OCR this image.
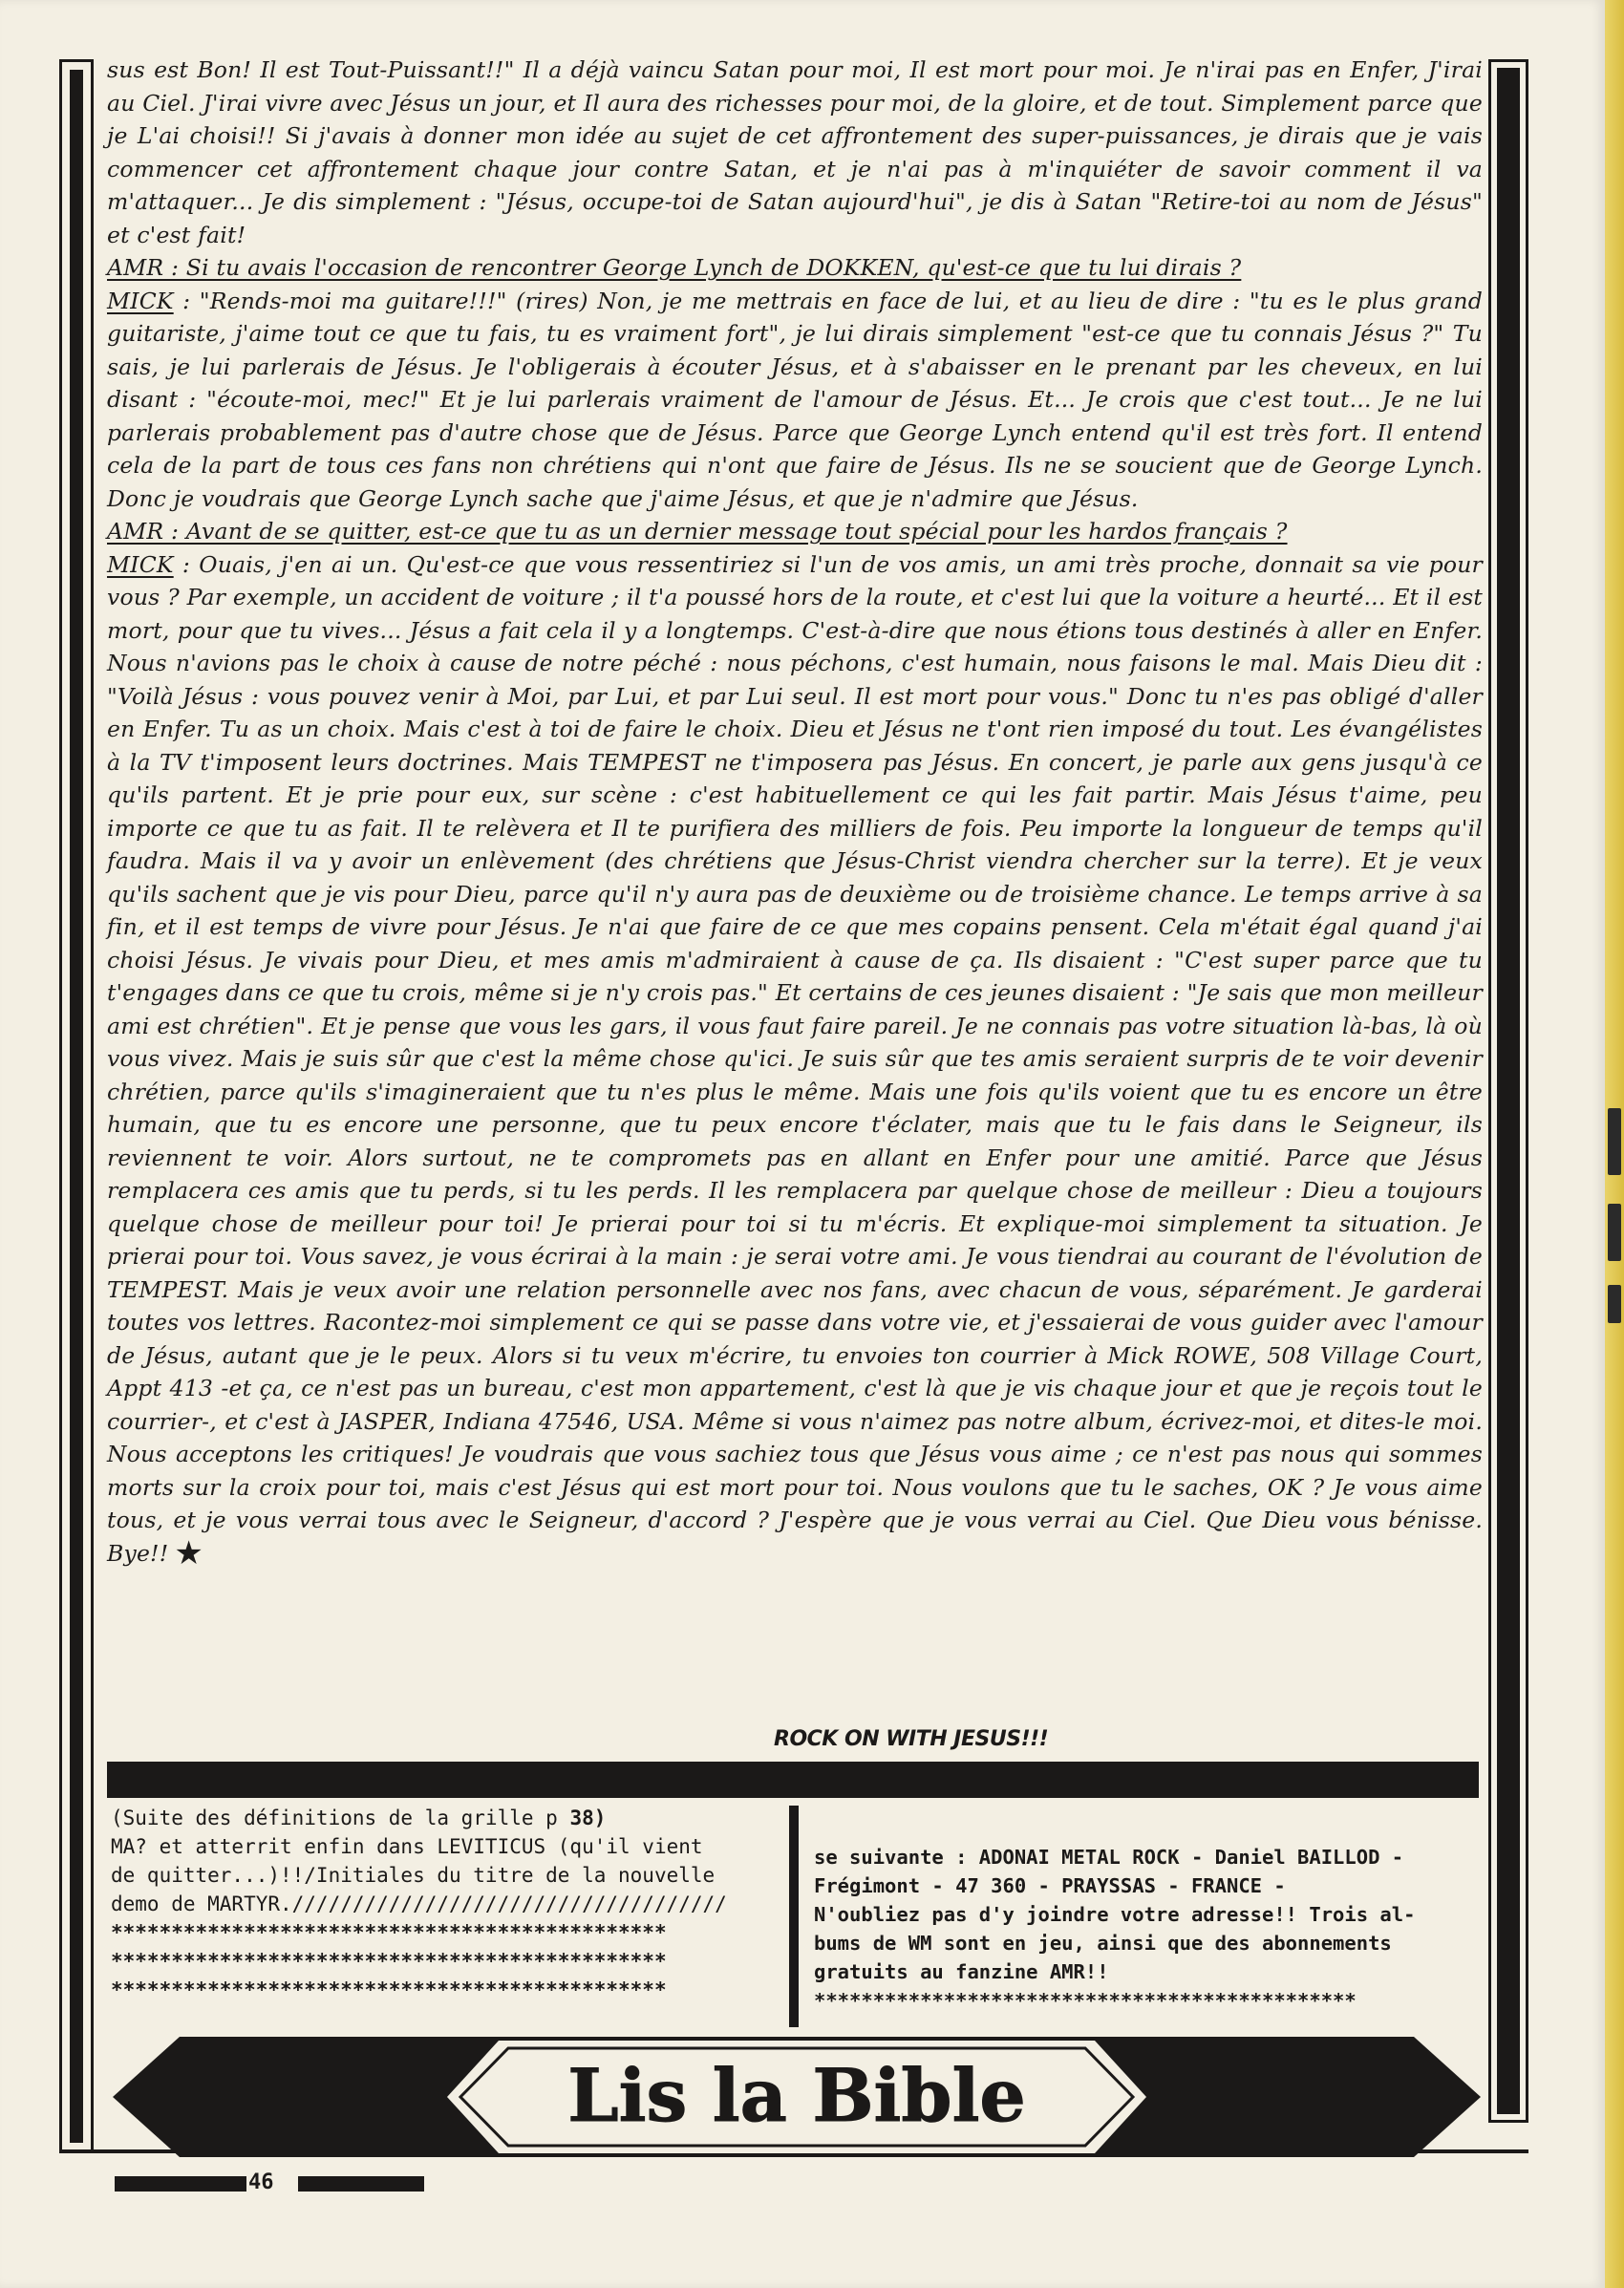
sus est Bon! Il est Tout-Puissant!!" Il a déjà vaincu Satan pour moi, Il est mort pour moi. Je n'irai pas en Enfer, J'irai au Ciel. J'irai vivre avec Jésus un jour, et Il aura des richesses pour moi, de la gloire, et de tout. Simplement parce que je L'ai choisi!! Si j'avais à donner mon idée au sujet de cet affrontement des super-puissances, je dirais que je vais commencer cet affrontement chaque jour contre Satan, et je n'ai pas à m'inquiéter de savoir comment il va m'attaquer... Je dis simplement : "Jésus, occupe-toi de Satan aujourd'hui", je dis à Satan "Retire-toi au nom de Jésus" et c'est fait!

AMR : Si tu avais l'occasion de rencontrer George Lynch de DOKKEN, qu'est-ce que tu lui dirais ?

MICK : "Rends-moi ma guitare!!!" (rires) Non, je me mettrais en face de lui, et au lieu de dire : "tu es le plus grand guitariste, j'aime tout ce que tu fais, tu es vraiment fort", je lui dirais simplement "est-ce que tu connais Jésus ?" Tu sais, je lui parlerais de Jésus. Je l'obligerais à écouter Jésus, et à s'abaisser en le prenant par les cheveux, en lui disant : "écoute-moi, mec!" Et je lui parlerais vraiment de l'amour de Jésus. Et... Je crois que c'est tout... Je ne lui parlerais probablement pas d'autre chose que de Jésus. Parce que George Lynch entend qu'il est très fort. Il entend cela de la part de tous ces fans non chrétiens qui n'ont que faire de Jésus. Ils ne se soucient que de George Lynch. Donc je voudrais que George Lynch sache que j'aime Jésus, et que je n'admire que Jésus.

AMR : Avant de se quitter, est-ce que tu as un dernier message tout spécial pour les hardos français ?

MICK : Ouais, j'en ai un. Qu'est-ce que vous ressentiriez si l'un de vos amis, un ami très proche, donnait sa vie pour vous ? Par exemple, un accident de voiture ; il t'a poussé hors de la route, et c'est lui que la voiture a heurté... Et il est mort, pour que tu vives... Jésus a fait cela il y a longtemps. C'est-à-dire que nous étions tous destinés à aller en Enfer. Nous n'avions pas le choix à cause de notre péché : nous péchons, c'est humain, nous faisons le mal. Mais Dieu dit : "Voilà Jésus : vous pouvez venir à Moi, par Lui, et par Lui seul. Il est mort pour vous." Donc tu n'es pas obligé d'aller en Enfer. Tu as un choix. Mais c'est à toi de faire le choix. Dieu et Jésus ne t'ont rien imposé du tout. Les évangélistes à la TV t'imposent leurs doctrines. Mais TEMPEST ne t'imposera pas Jésus. En concert, je parle aux gens jusqu'à ce qu'ils partent. Et je prie pour eux, sur scène : c'est habituellement ce qui les fait partir. Mais Jésus t'aime, peu importe ce que tu as fait. Il te relèvera et Il te purifiera des milliers de fois. Peu importe la longueur de temps qu'il faudra. Mais il va y avoir un enlèvement (des chrétiens que Jésus-Christ viendra chercher sur la terre). Et je veux qu'ils sachent que je vis pour Dieu, parce qu'il n'y aura pas de deuxième ou de troisième chance. Le temps arrive à sa fin, et il est temps de vivre pour Jésus. Je n'ai que faire de ce que mes copains pensent. Cela m'était égal quand j'ai choisi Jésus. Je vivais pour Dieu, et mes amis m'admiraient à cause de ça. Ils disaient : "C'est super parce que tu t'engages dans ce que tu crois, même si je n'y crois pas." Et certains de ces jeunes disaient : "Je sais que mon meilleur ami est chrétien". Et je pense que vous les gars, il vous faut faire pareil. Je ne connais pas votre situation là-bas, là où vous vivez. Mais je suis sûr que c'est la même chose qu'ici. Je suis sûr que tes amis seraient surpris de te voir devenir chrétien, parce qu'ils s'imagineraient que tu n'es plus le même. Mais une fois qu'ils voient que tu es encore un être humain, que tu es encore une personne, que tu peux encore t'éclater, mais que tu le fais dans le Seigneur, ils reviennent te voir. Alors surtout, ne te compromets pas en allant en Enfer pour une amitié. Parce que Jésus remplacera ces amis que tu perds, si tu les perds. Il les remplacera par quelque chose de meilleur : Dieu a toujours quelque chose de meilleur pour toi! Je prierai pour toi si tu m'écris. Et explique-moi simplement ta situation. Je prierai pour toi. Vous savez, je vous écrirai à la main : je serai votre ami. Je vous tiendrai au courant de l'évolution de TEMPEST. Mais je veux avoir une relation personnelle avec nos fans, avec chacun de vous, séparément. Je garderai toutes vos lettres. Racontez-moi simplement ce qui se passe dans votre vie, et j'essaierai de vous guider avec l'amour de Jésus, autant que je le peux. Alors si tu veux m'écrire, tu envoies ton courrier à Mick ROWE, 508 Village Court, Appt 413 -et ça, ce n'est pas un bureau, c'est mon appartement, c'est là que je vis chaque jour et que je reçois tout le courrier-, et c'est à JASPER, Indiana 47546, USA. Même si vous n'aimez pas notre album, écrivez-moi, et dites-le moi. Nous acceptons les critiques! Je voudrais que vous sachiez tous que Jésus vous aime ; ce n'est pas nous qui sommes morts sur la croix pour toi, mais c'est Jésus qui est mort pour toi. Nous voulons que tu le saches, OK ? Je vous aime tous, et je vous verrai tous avec le Seigneur, d'accord ? J'espère que je vous verrai au Ciel. Que Dieu vous bénisse. Bye!! ★

ROCK ON WITH JESUS!!!
(Suite des définitions de la grille p 38)
MA? et atterrit enfin dans LEVITICUS (qu'il vient
de quitter...)!!/Initiales du titre de la nouvelle
demo de MARTYR.////////////////////////////////////
**********************************************
**********************************************
**********************************************
se suivante : ADONAI METAL ROCK - Daniel BAILLOD -
Frégimont - 47 360 - PRAYSSAS - FRANCE -
N'oubliez pas d'y joindre votre adresse!! Trois al-
bums de WM sont en jeu, ainsi que des abonnements
gratuits au fanzine AMR!!
**********************************************
Lis la Bible
46
